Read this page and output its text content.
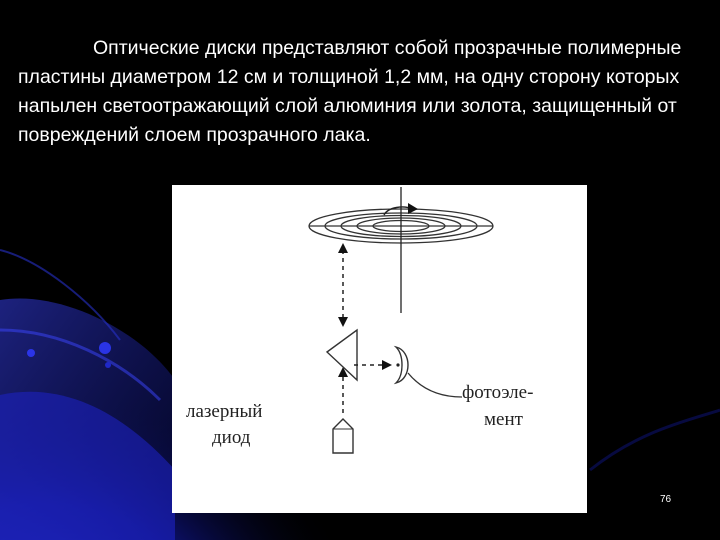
Оптические диски представляют собой прозрачные полимерные пластины диаметром 12 см и толщиной 1,2 мм, на одну сторону которых напылен светоотражающий слой алюминия или золота, защищенный от повреждений слоем прозрачного лака.

лазерный
диод
фотоэле-
мент
76
